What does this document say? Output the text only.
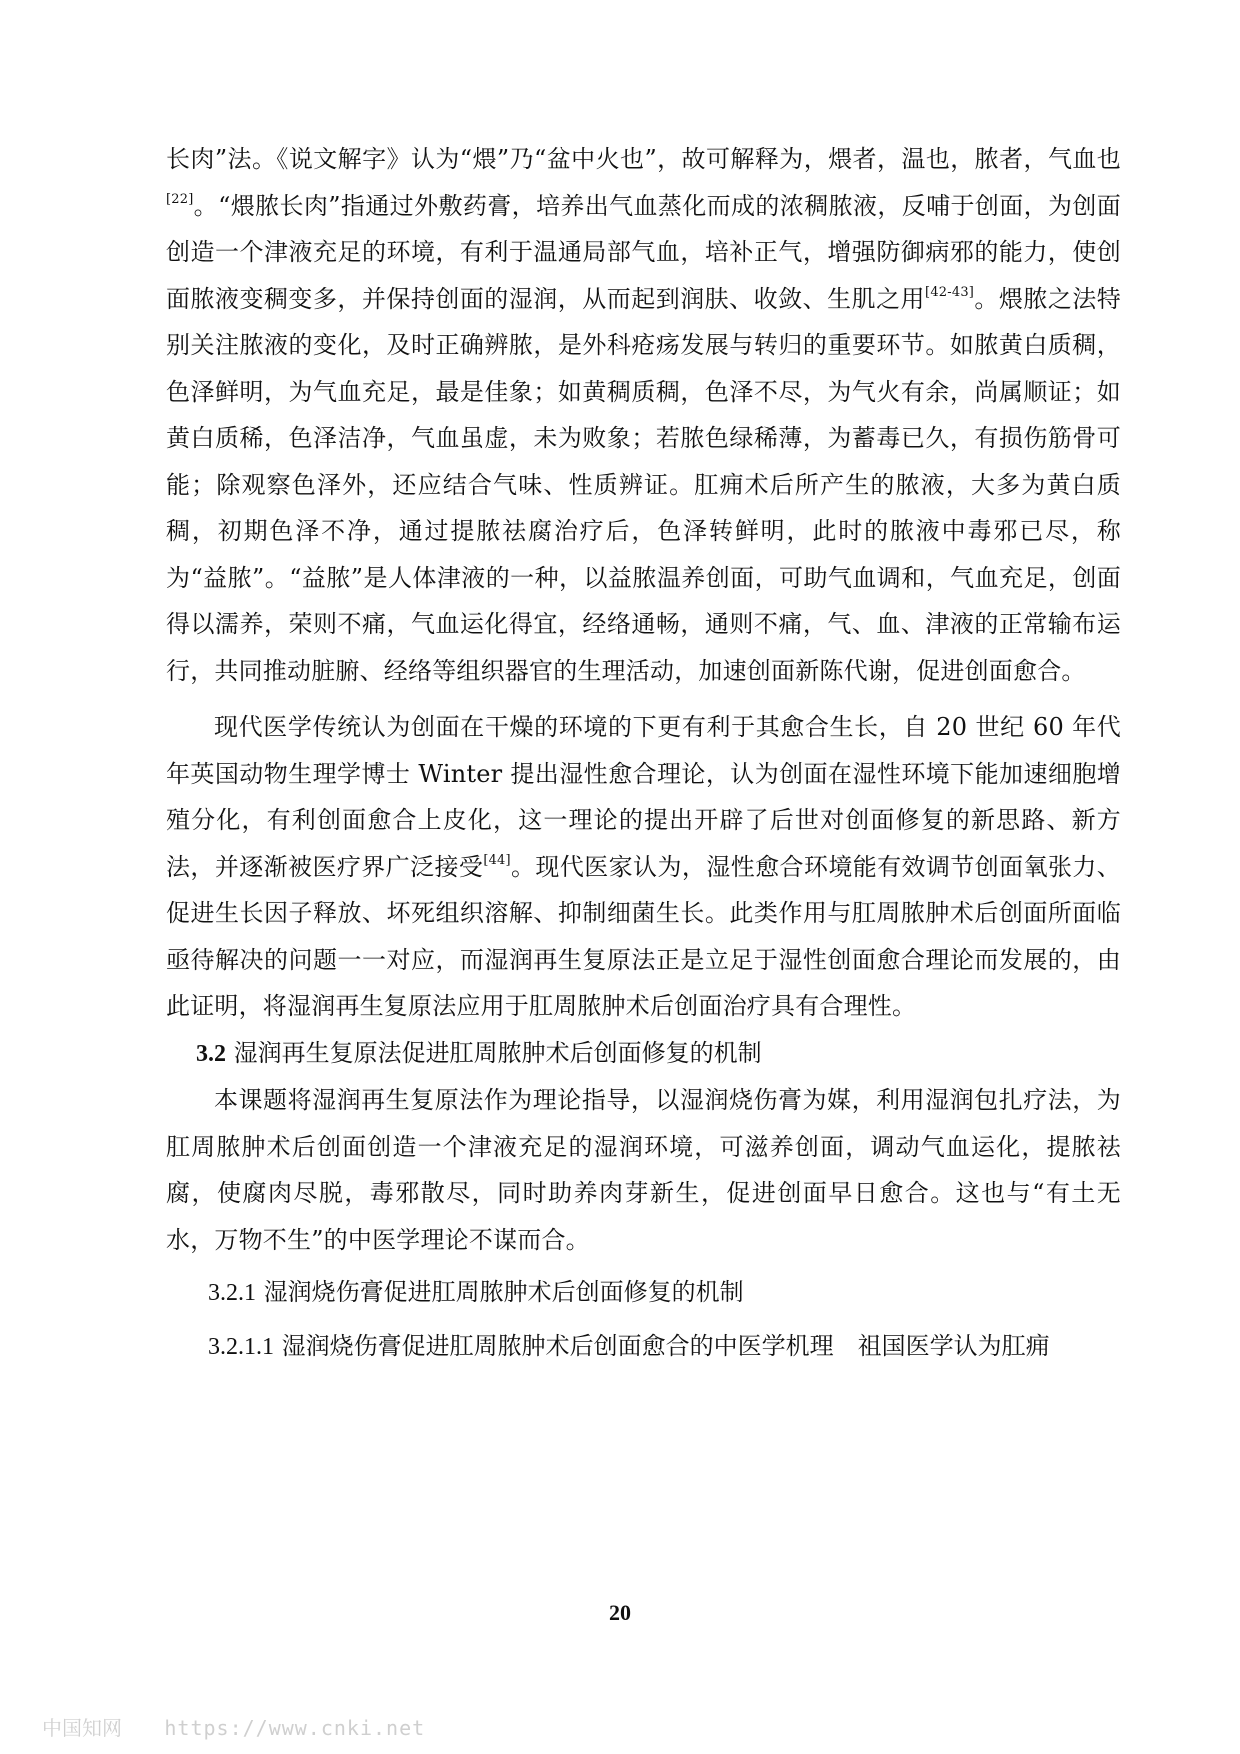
长肉”法。《说文解字》认为“煨”乃“盆中火也”，故可解释为，煨者，温也，脓者，气血也[22]。“煨脓长肉”指通过外敷药膏，培养出气血蒸化而成的浓稠脓液，反哺于创面，为创面创造一个津液充足的环境，有利于温通局部气血，培补正气，增强防御病邪的能力，使创面脓液变稠变多，并保持创面的湿润，从而起到润肤、收敛、生肌之用[42-43]。煨脓之法特别关注脓液的变化，及时正确辨脓，是外科疮疡发展与转归的重要环节。如脓黄白质稠，色泽鲜明，为气血充足，最是佳象；如黄稠质稠，色泽不尽，为气火有余，尚属顺证；如黄白质稀，色泽洁净，气血虽虚，未为败象；若脓色绿稀薄，为蓄毒已久，有损伤筋骨可能；除观察色泽外，还应结合气味、性质辨证。肛痈术后所产生的脓液，大多为黄白质稠，初期色泽不净，通过提脓祛腐治疗后，色泽转鲜明，此时的脓液中毒邪已尽，称为“益脓”。“益脓”是人体津液的一种，以益脓温养创面，可助气血调和，气血充足，创面得以濡养，荣则不痛，气血运化得宜，经络通畅，通则不痛，气、血、津液的正常输布运行，共同推动脏腑、经络等组织器官的生理活动，加速创面新陈代谢，促进创面愈合。

现代医学传统认为创面在干燥的环境的下更有利于其愈合生长，自 20 世纪 60 年代年英国动物生理学博士 Winter 提出湿性愈合理论，认为创面在湿性环境下能加速细胞增殖分化，有利创面愈合上皮化，这一理论的提出开辟了后世对创面修复的新思路、新方法，并逐渐被医疗界广泛接受[44]。现代医家认为，湿性愈合环境能有效调节创面氧张力、促进生长因子释放、坏死组织溶解、抑制细菌生长。此类作用与肛周脓肿术后创面所面临亟待解决的问题一一对应，而湿润再生复原法正是立足于湿性创面愈合理论而发展的，由此证明，将湿润再生复原法应用于肛周脓肿术后创面治疗具有合理性。

3.2 湿润再生复原法促进肛周脓肿术后创面修复的机制

本课题将湿润再生复原法作为理论指导，以湿润烧伤膏为媒，利用湿润包扎疗法，为肛周脓肿术后创面创造一个津液充足的湿润环境，可滋养创面，调动气血运化，提脓祛腐，使腐肉尽脱，毒邪散尽，同时助养肉芽新生，促进创面早日愈合。这也与“有土无水，万物不生”的中医学理论不谋而合。

3.2.1 湿润烧伤膏促进肛周脓肿术后创面修复的机制

3.2.1.1 湿润烧伤膏促进肛周脓肿术后创面愈合的中医学机理 祖国医学认为肛痈

20
中国知网 https://www.cnki.net
